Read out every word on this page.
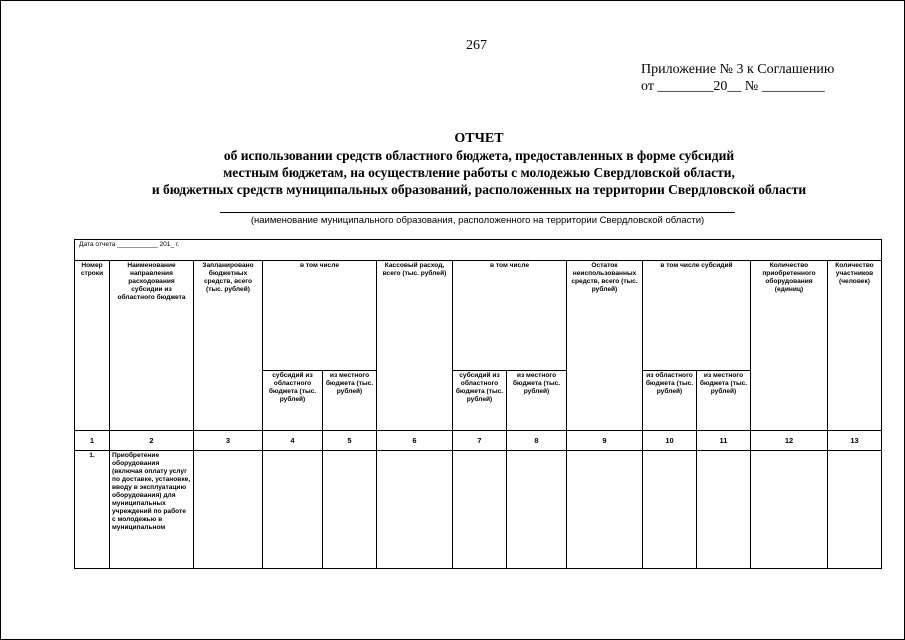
267
Приложение № 3 к Соглашению
от ________20__ № _________
ОТЧЕТ
об использовании средств областного бюджета, предоставленных в форме субсидий
местным бюджетам, на осуществление работы с молодежью Свердловской области,
и бюджетных средств муниципальных образований, расположенных на территории Свердловской области
(наименование муниципального образования, расположенного на территории Свердловской области)
Дата отчета ___________ 201_ г.												
Номер строки	Наименование направления расходования субсидии из областного бюджета	Запланировано бюджетных средств, всего (тыс. рублей)	в том числе		Кассовый расход, всего (тыс. рублей)	в том числе		Остаток неиспользованных средств, всего (тыс. рублей)	в том числе субсидий		Количество приобретенного оборудования (единиц)	Количество участников (человек)
			субсидий из областного бюджета (тыс. рублей)	из местного бюджета (тыс. рублей)		субсидий из областного бюджета (тыс. рублей)	из местного бюджета (тыс. рублей)		из областного бюджета (тыс. рублей)	из местного бюджета (тыс. рублей)		
1	2	3	4	5	6	7	8	9	10	11	12	13
1.	Приобретение оборудования (включая оплату услуг по доставке, установке, вводу в эксплуатацию оборудования) для муниципальных учреждений по работе с молодежью в муниципальном											
